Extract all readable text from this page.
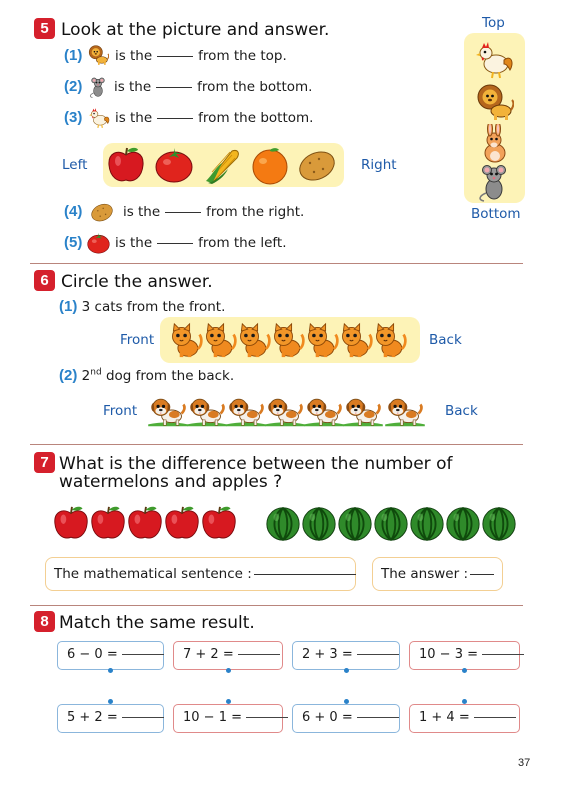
5 Look at the picture and answer.	Top
Bottom
(1) is the	from the top.
(2) is the	from the bottom.
(3) is the	from the bottom.
Left	Right
(4)	is the	from the right.
(5) is the	from the left.
6 Circle the answer.
(1) 3 cats from the front.
Front	Back
(2) 2nd dog from the back.
Front	Back
7 What is the difference between the number of
watermelons and apples ?
The mathematical sentence :	The answer :
8 Match the same result.
6 − 0 =	7 + 2 =	2 + 3 =	10 − 3 =
5 + 2 =	10 − 1 =	6 + 0 =	1 + 4 =
37
